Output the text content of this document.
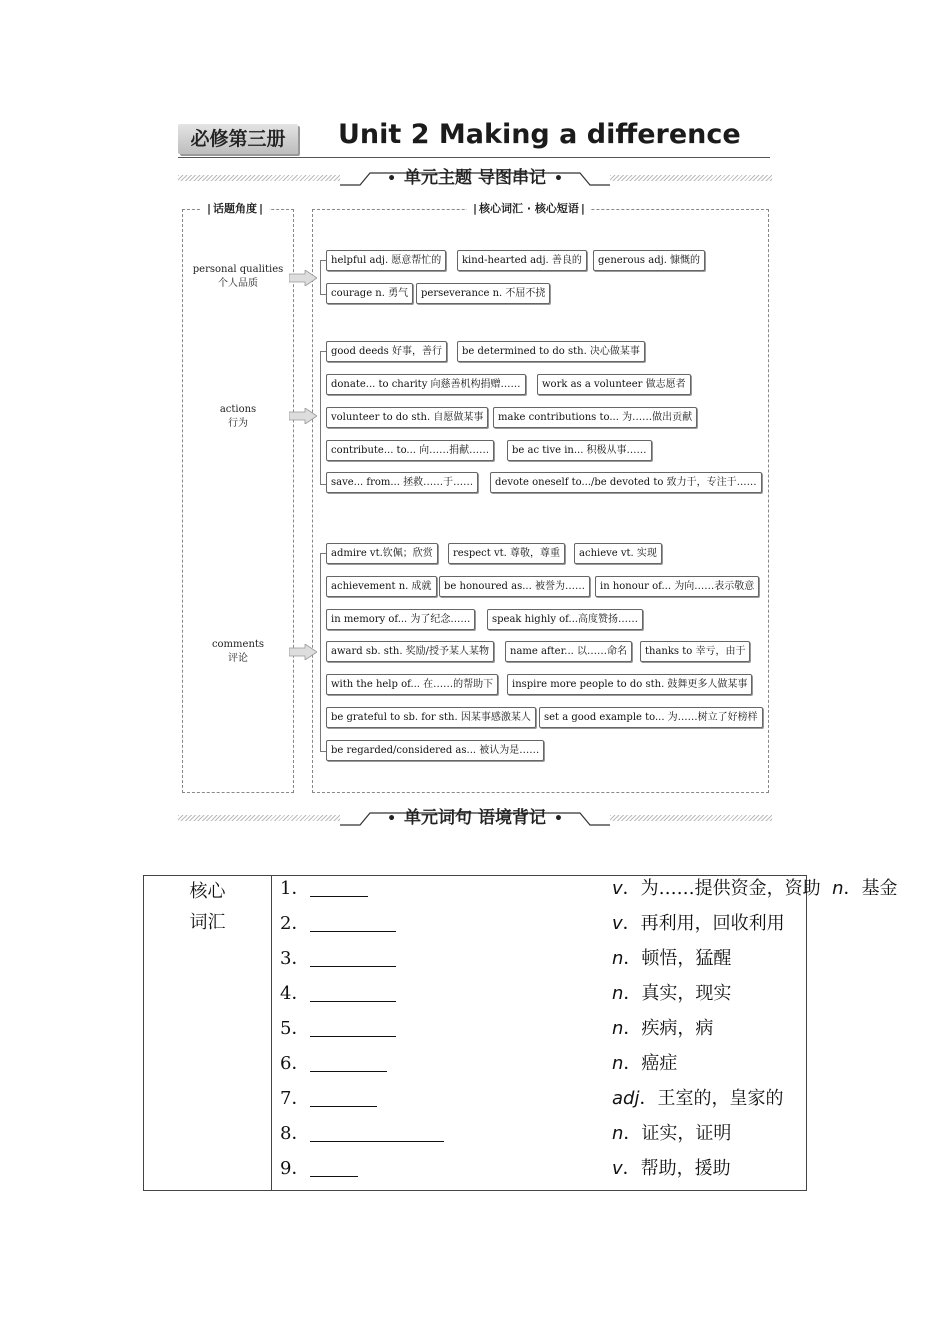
必修第三册	Unit 2 Making a difference
• 单元主题 导图串记 •
| 话题角度 |	| 核心词汇 · 核心短语 |
personal qualities
个人品质
actions
行为
comments
评论
helpful adj. 愿意帮忙的	kind-hearted adj. 善良的	generous adj. 慷慨的
courage n. 勇气	perseverance n. 不屈不挠
good deeds 好事，善行	be determined to do sth. 决心做某事
donate... to charity 向慈善机构捐赠……	work as a volunteer 做志愿者
volunteer to do sth. 自愿做某事	make contributions to... 为……做出贡献
contribute... to... 向……捐献……	be ac tive in... 积极从事……
save... from... 拯救……于……	devote oneself to.../be devoted to 致力于，专注于……
admire vt.钦佩；欣赏	respect vt. 尊敬，尊重	achieve vt. 实现
achievement n. 成就	be honoured as... 被誉为……	in honour of... 为向……表示敬意
in memory of... 为了纪念……	speak highly of...高度赞扬……
award sb. sth. 奖励/授予某人某物	name after... 以……命名	thanks to 幸亏，由于
with the help of... 在……的帮助下	inspire more people to do sth. 鼓舞更多人做某事
be grateful to sb. for sth. 因某事感激某人	set a good example to... 为……树立了好榜样
be regarded/considered as... 被认为是……
• 单元词句 语境背记 •
核心
词汇
1．	v．为……提供资金，资助 n．基金
2．	v．再利用，回收利用
3．	n．顿悟，猛醒
4．	n．真实，现实
5．	n．疾病，病
6．	n．癌症
7．	adj．王室的，皇家的
8．	n．证实，证明
9．	v．帮助，援助
